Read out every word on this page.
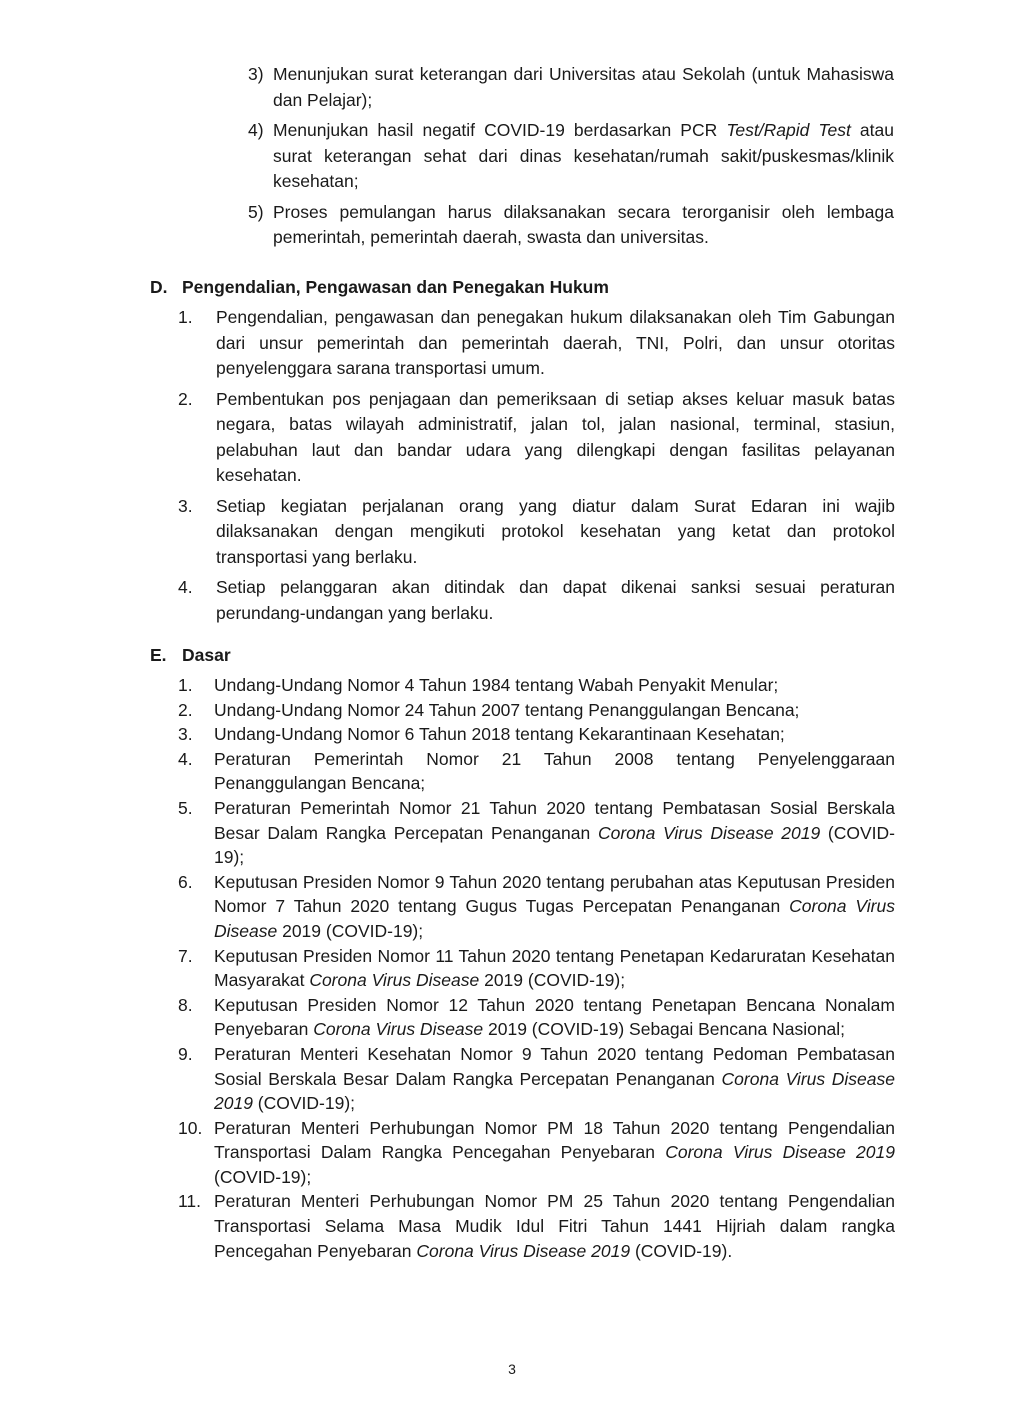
3) Menunjukan surat keterangan dari Universitas atau Sekolah (untuk Mahasiswa dan Pelajar);
4) Menunjukan hasil negatif COVID-19 berdasarkan PCR Test/Rapid Test atau surat keterangan sehat dari dinas kesehatan/rumah sakit/puskesmas/klinik kesehatan;
5) Proses pemulangan harus dilaksanakan secara terorganisir oleh lembaga pemerintah, pemerintah daerah, swasta dan universitas.
D. Pengendalian, Pengawasan dan Penegakan Hukum
1.	Pengendalian, pengawasan dan penegakan hukum dilaksanakan oleh Tim Gabungan dari unsur pemerintah dan pemerintah daerah, TNI, Polri, dan unsur otoritas penyelenggara sarana transportasi umum.
2.	Pembentukan pos penjagaan dan pemeriksaan di setiap akses keluar masuk batas negara, batas wilayah administratif, jalan tol, jalan nasional, terminal, stasiun, pelabuhan laut dan bandar udara yang dilengkapi dengan fasilitas pelayanan kesehatan.
3.	Setiap kegiatan perjalanan orang yang diatur dalam Surat Edaran ini wajib dilaksanakan dengan mengikuti protokol kesehatan yang ketat dan protokol transportasi yang berlaku.
4.	Setiap pelanggaran akan ditindak dan dapat dikenai sanksi sesuai peraturan perundang-undangan yang berlaku.
E. Dasar
1.	Undang-Undang Nomor 4 Tahun 1984 tentang Wabah Penyakit Menular;
2.	Undang-Undang Nomor 24 Tahun 2007 tentang Penanggulangan Bencana;
3.	Undang-Undang Nomor 6 Tahun 2018 tentang Kekarantinaan Kesehatan;
4.	Peraturan Pemerintah Nomor 21 Tahun 2008 tentang Penyelenggaraan Penanggulangan Bencana;
5.	Peraturan Pemerintah Nomor 21 Tahun 2020 tentang Pembatasan Sosial Berskala Besar Dalam Rangka Percepatan Penanganan Corona Virus Disease 2019 (COVID-19);
6.	Keputusan Presiden Nomor 9 Tahun 2020 tentang perubahan atas Keputusan Presiden Nomor 7 Tahun 2020 tentang Gugus Tugas Percepatan Penanganan Corona Virus Disease 2019 (COVID-19);
7.	Keputusan Presiden Nomor 11 Tahun 2020 tentang Penetapan Kedaruratan Kesehatan Masyarakat Corona Virus Disease 2019 (COVID-19);
8.	Keputusan Presiden Nomor 12 Tahun 2020 tentang Penetapan Bencana Nonalam Penyebaran Corona Virus Disease 2019 (COVID-19) Sebagai Bencana Nasional;
9.	Peraturan Menteri Kesehatan Nomor 9 Tahun 2020 tentang Pedoman Pembatasan Sosial Berskala Besar Dalam Rangka Percepatan Penanganan Corona Virus Disease 2019 (COVID-19);
10. Peraturan Menteri Perhubungan Nomor PM 18 Tahun 2020 tentang Pengendalian Transportasi Dalam Rangka Pencegahan Penyebaran Corona Virus Disease 2019 (COVID-19);
11. Peraturan Menteri Perhubungan Nomor PM 25 Tahun 2020 tentang Pengendalian Transportasi Selama Masa Mudik Idul Fitri Tahun 1441 Hijriah dalam rangka Pencegahan Penyebaran Corona Virus Disease 2019 (COVID-19).
3
